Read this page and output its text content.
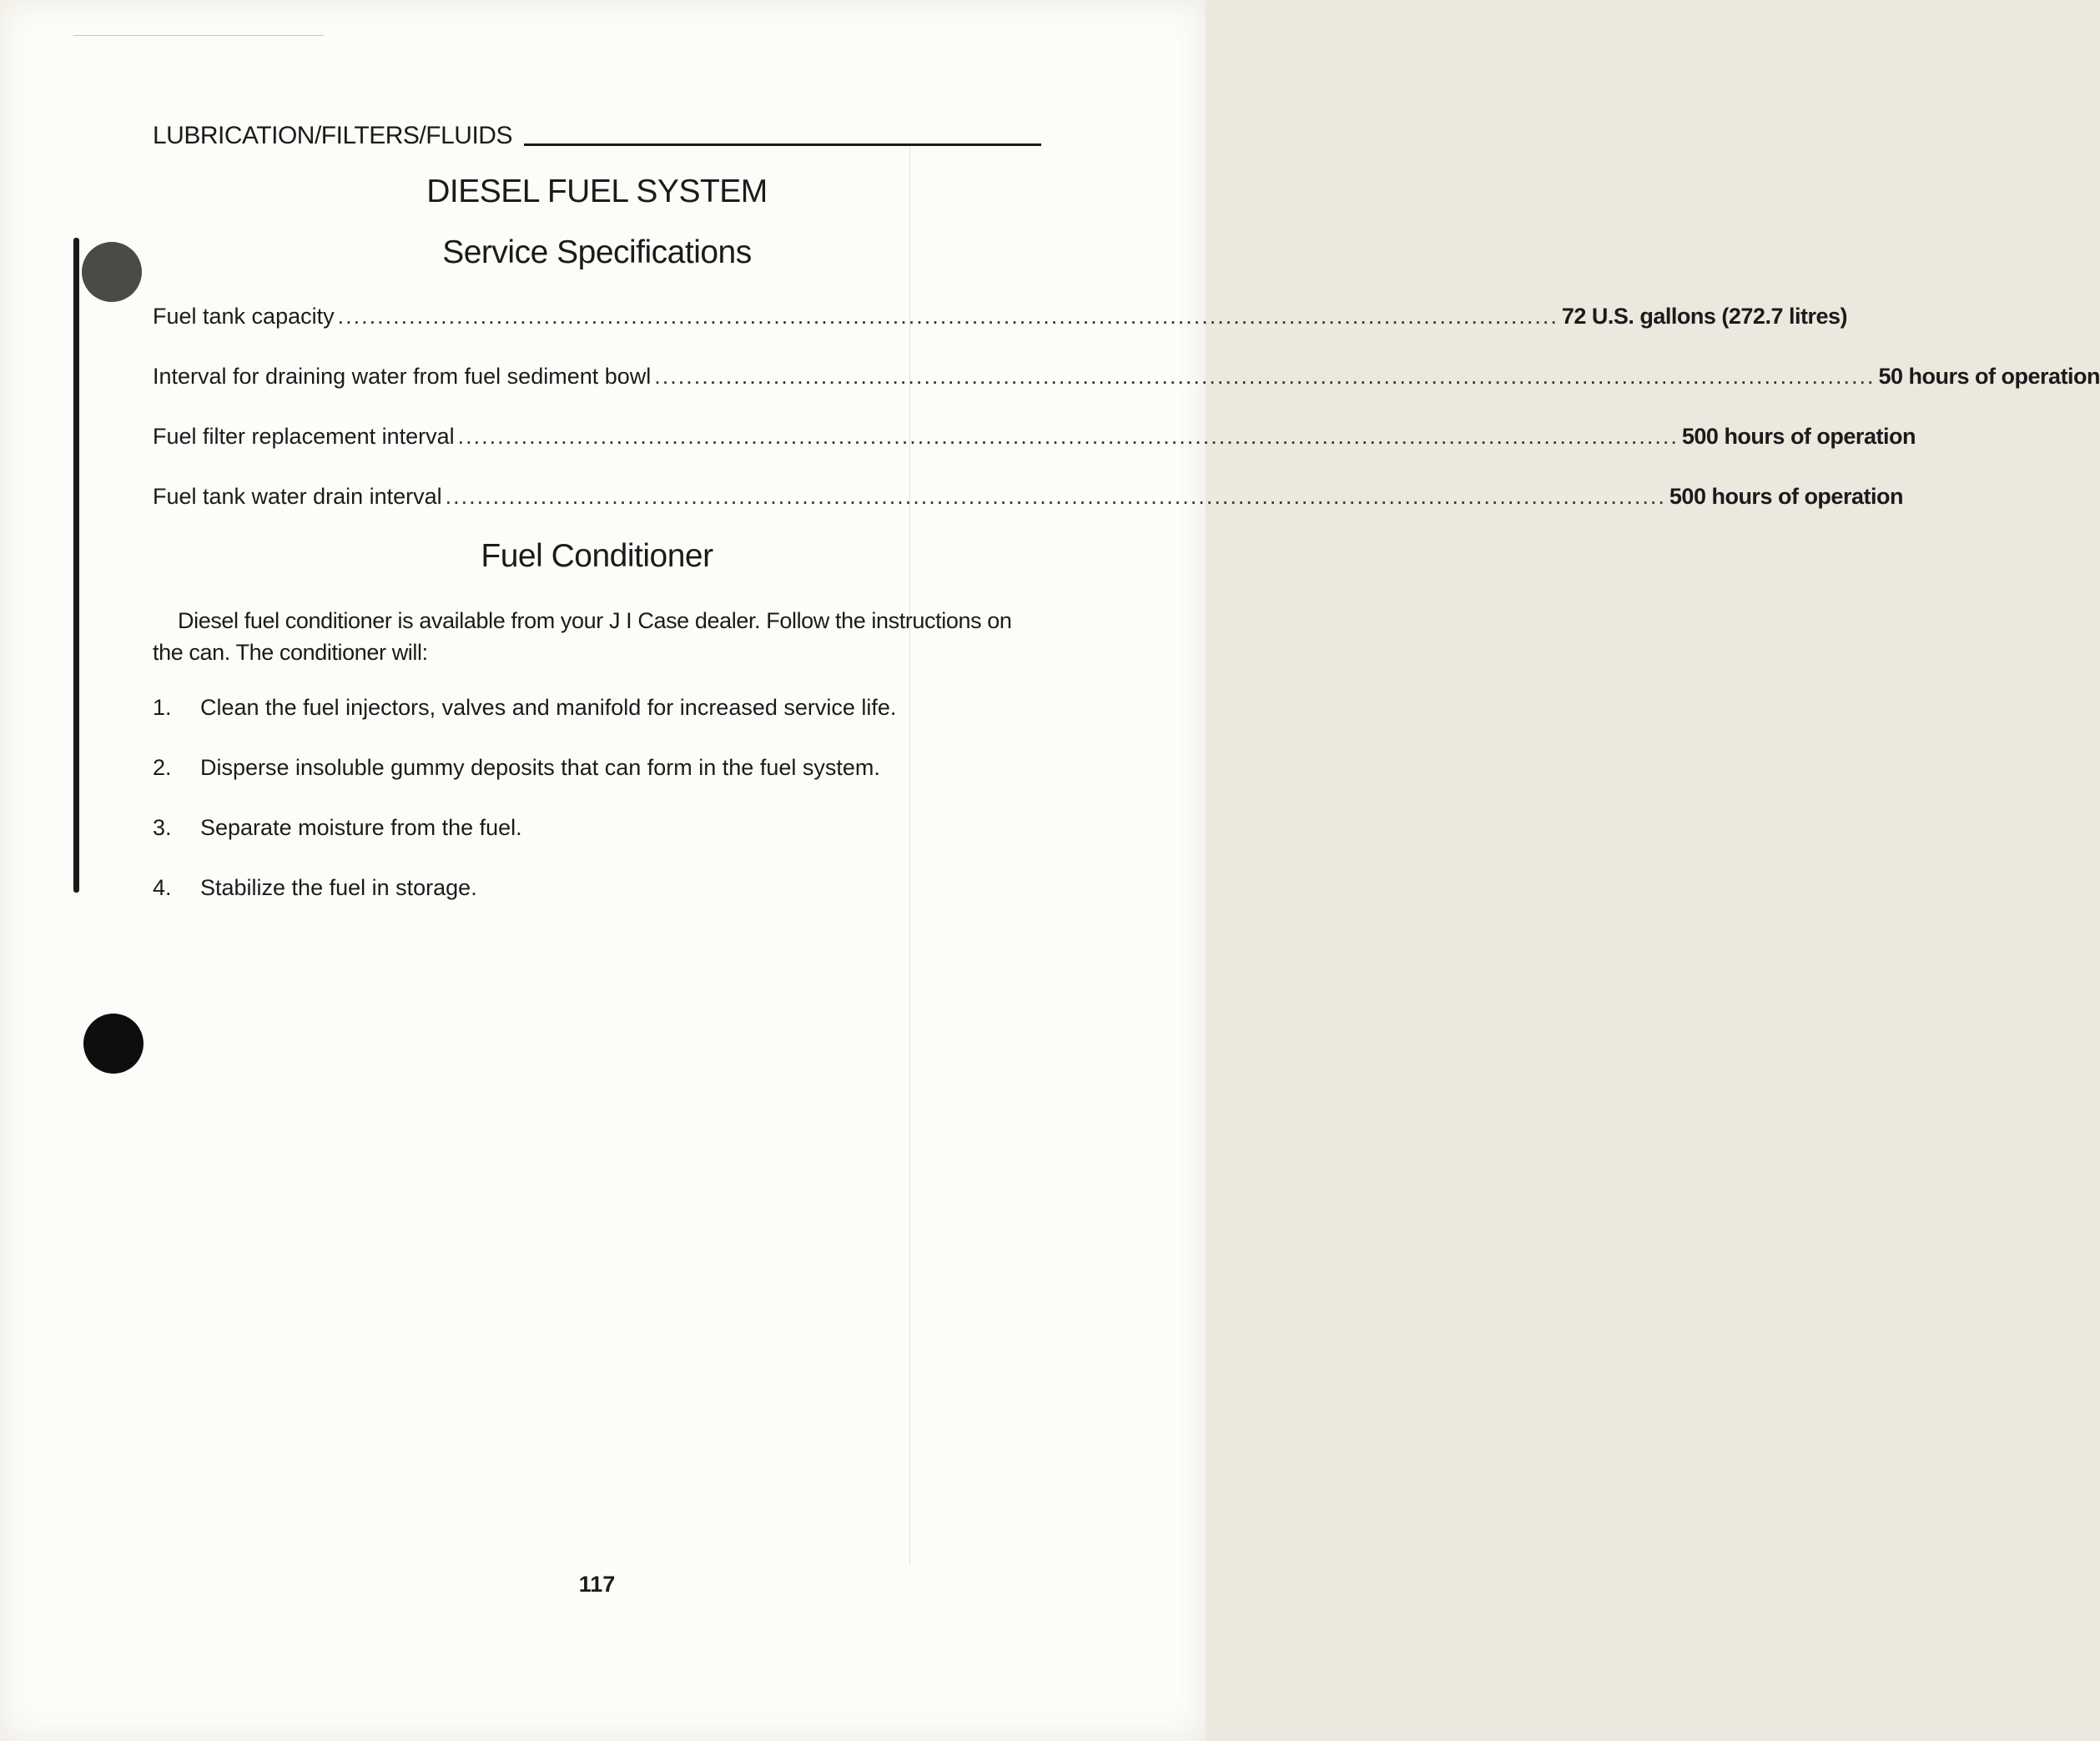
LUBRICATION/FILTERS/FLUIDS
DIESEL FUEL SYSTEM
Service Specifications
Fuel tank capacity .......................................................................................................................................................... 72 U.S. gallons (272.7 litres)
Interval for draining water from fuel sediment bowl .......................................................................................................................................................... 50 hours of operation
Fuel filter replacement interval .......................................................................................................................................................... 500 hours of operation
Fuel tank water drain interval .......................................................................................................................................................... 500 hours of operation
Fuel Conditioner
Diesel fuel conditioner is available from your J I Case dealer. Follow the instructions on the can. The conditioner will:
1.	Clean the fuel injectors, valves and manifold for increased service life.
2.	Disperse insoluble gummy deposits that can form in the fuel system.
3.	Separate moisture from the fuel.
4.	Stabilize the fuel in storage.
117
